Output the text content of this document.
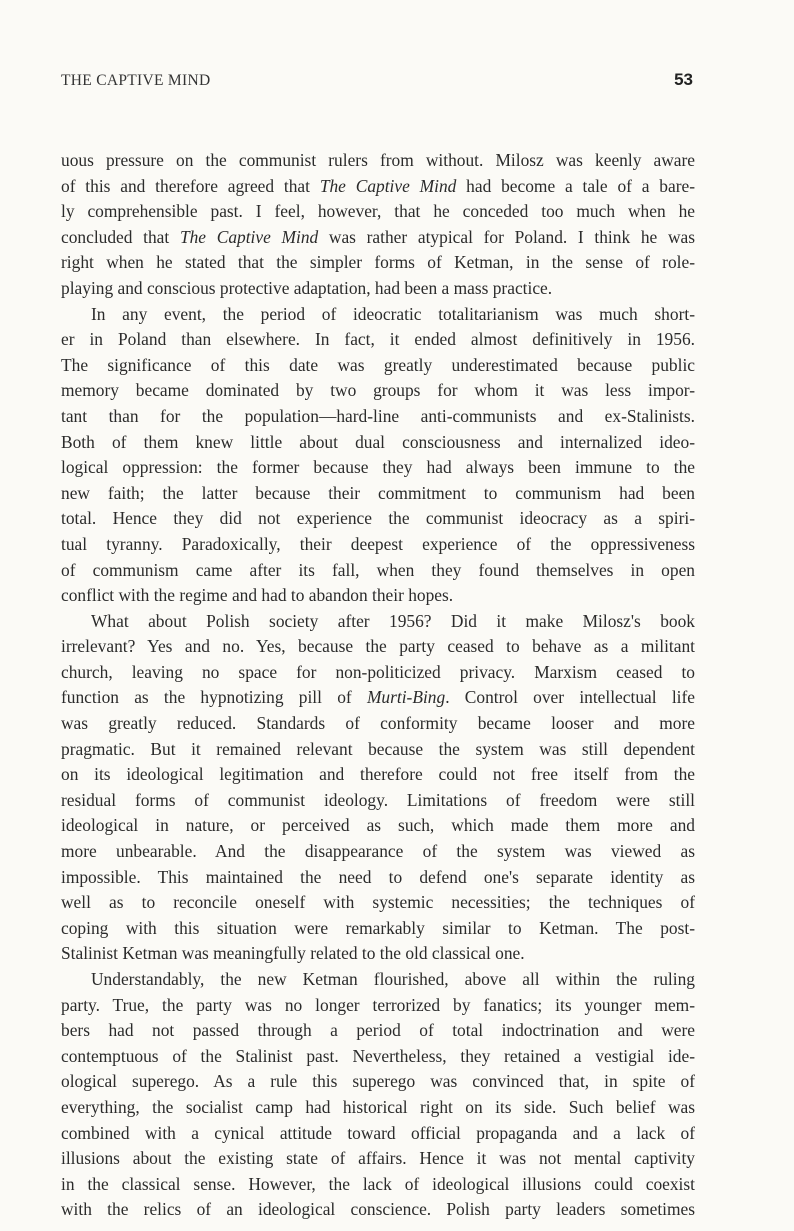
THE CAPTIVE MIND	53
uous pressure on the communist rulers from without. Milosz was keenly aware
of this and therefore agreed that The Captive Mind had become a tale of a bare-
ly comprehensible past. I feel, however, that he conceded too much when he
concluded that The Captive Mind was rather atypical for Poland. I think he was
right when he stated that the simpler forms of Ketman, in the sense of role-
playing and conscious protective adaptation, had been a mass practice.
In any event, the period of ideocratic totalitarianism was much short-
er in Poland than elsewhere. In fact, it ended almost definitively in 1956.
The significance of this date was greatly underestimated because public
memory became dominated by two groups for whom it was less impor-
tant than for the population—hard-line anti-communists and ex-Stalinists.
Both of them knew little about dual consciousness and internalized ideo-
logical oppression: the former because they had always been immune to the
new faith; the latter because their commitment to communism had been
total. Hence they did not experience the communist ideocracy as a spiri-
tual tyranny. Paradoxically, their deepest experience of the oppressiveness
of communism came after its fall, when they found themselves in open
conflict with the regime and had to abandon their hopes.
What about Polish society after 1956? Did it make Milosz's book
irrelevant? Yes and no. Yes, because the party ceased to behave as a militant
church, leaving no space for non-politicized privacy. Marxism ceased to
function as the hypnotizing pill of Murti-Bing. Control over intellectual life
was greatly reduced. Standards of conformity became looser and more
pragmatic. But it remained relevant because the system was still dependent
on its ideological legitimation and therefore could not free itself from the
residual forms of communist ideology. Limitations of freedom were still
ideological in nature, or perceived as such, which made them more and
more unbearable. And the disappearance of the system was viewed as
impossible. This maintained the need to defend one's separate identity as
well as to reconcile oneself with systemic necessities; the techniques of
coping with this situation were remarkably similar to Ketman. The post-
Stalinist Ketman was meaningfully related to the old classical one.
Understandably, the new Ketman flourished, above all within the ruling
party. True, the party was no longer terrorized by fanatics; its younger mem-
bers had not passed through a period of total indoctrination and were
contemptuous of the Stalinist past. Nevertheless, they retained a vestigial ide-
ological superego. As a rule this superego was convinced that, in spite of
everything, the socialist camp had historical right on its side. Such belief was
combined with a cynical attitude toward official propaganda and a lack of
illusions about the existing state of affairs. Hence it was not mental captivity
in the classical sense. However, the lack of ideological illusions could coexist
with the relics of an ideological conscience. Polish party leaders sometimes
